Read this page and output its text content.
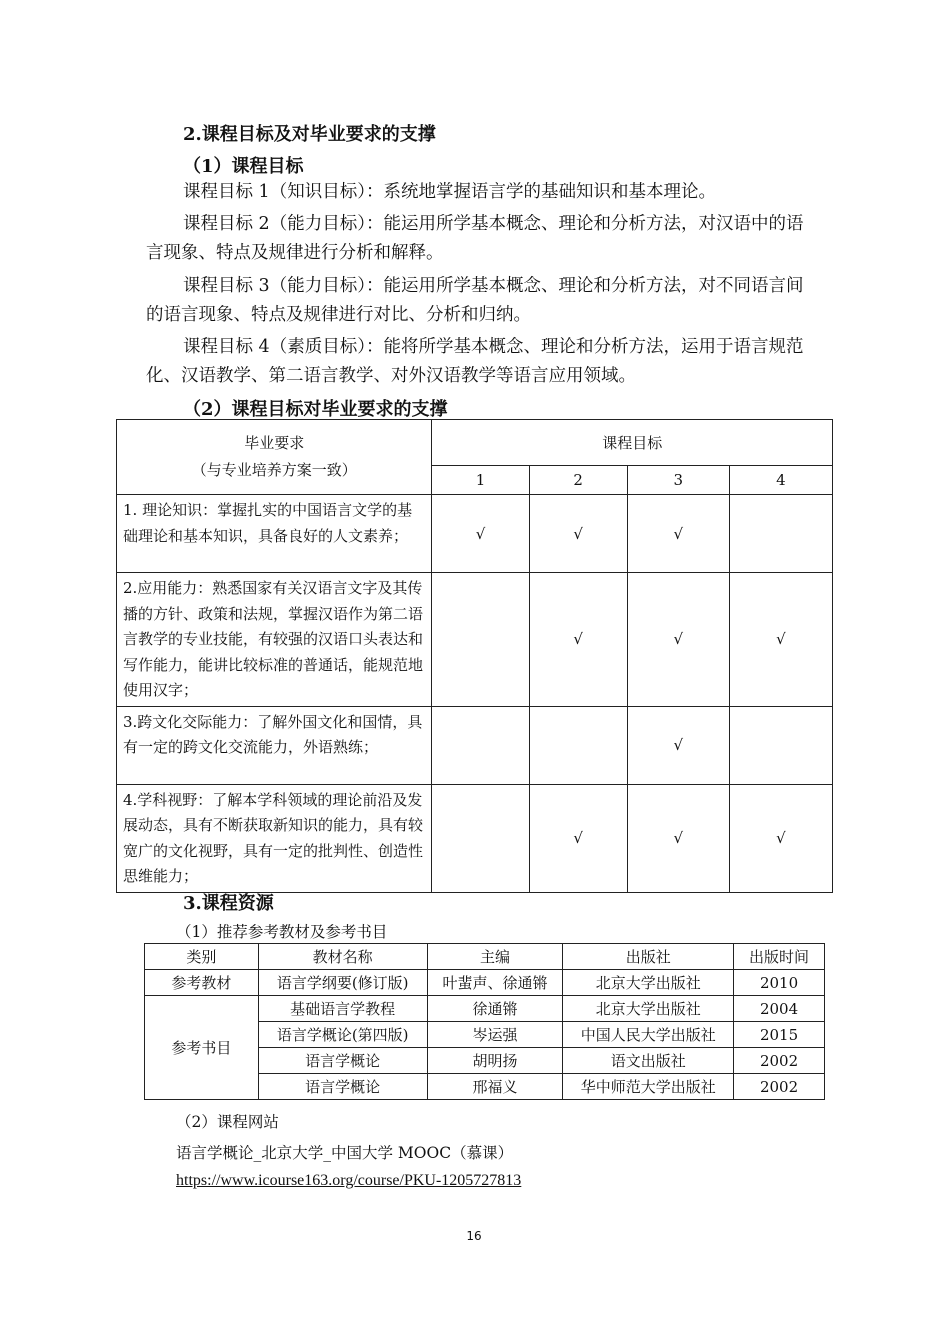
2.课程目标及对毕业要求的支撑
（1）课程目标
课程目标 1（知识目标）：系统地掌握语言学的基础知识和基本理论。
课程目标 2（能力目标）：能运用所学基本概念、理论和分析方法，对汉语中的语言现象、特点及规律进行分析和解释。
课程目标 3（能力目标）：能运用所学基本概念、理论和分析方法，对不同语言间的语言现象、特点及规律进行对比、分析和归纳。
课程目标 4（素质目标）：能将所学基本概念、理论和分析方法，运用于语言规范化、汉语教学、第二语言教学、对外汉语教学等语言应用领域。
（2）课程目标对毕业要求的支撑
毕业要求
（与专业培养方案一致）	课程目标			
	1	2	3	4
1. 理论知识：掌握扎实的中国语言文学的基础理论和基本知识，具备良好的人文素养；	√	√	√	
2.应用能力：熟悉国家有关汉语言文字及其传播的方针、政策和法规，掌握汉语作为第二语言教学的专业技能，有较强的汉语口头表达和写作能力，能讲比较标准的普通话，能规范地使用汉字；		√	√	√
3.跨文化交际能力：了解外国文化和国情，具有一定的跨文化交流能力，外语熟练；			√	
4.学科视野：了解本学科领域的理论前沿及发展动态，具有不断获取新知识的能力，具有较宽广的文化视野，具有一定的批判性、创造性思维能力；		√	√	√
3.课程资源
（1）推荐参考教材及参考书目
类别	教材名称	主编	出版社	出版时间
参考教材	语言学纲要(修订版)	叶蜚声、徐通锵	北京大学出版社	2010
参考书目	基础语言学教程	徐通锵	北京大学出版社	2004
	语言学概论(第四版)	岑运强	中国人民大学出版社	2015
	语言学概论	胡明扬	语文出版社	2002
	语言学概论	邢福义	华中师范大学出版社	2002
（2）课程网站
语言学概论_北京大学_中国大学 MOOC（慕课）
https://www.icourse163.org/course/PKU-1205727813
16
